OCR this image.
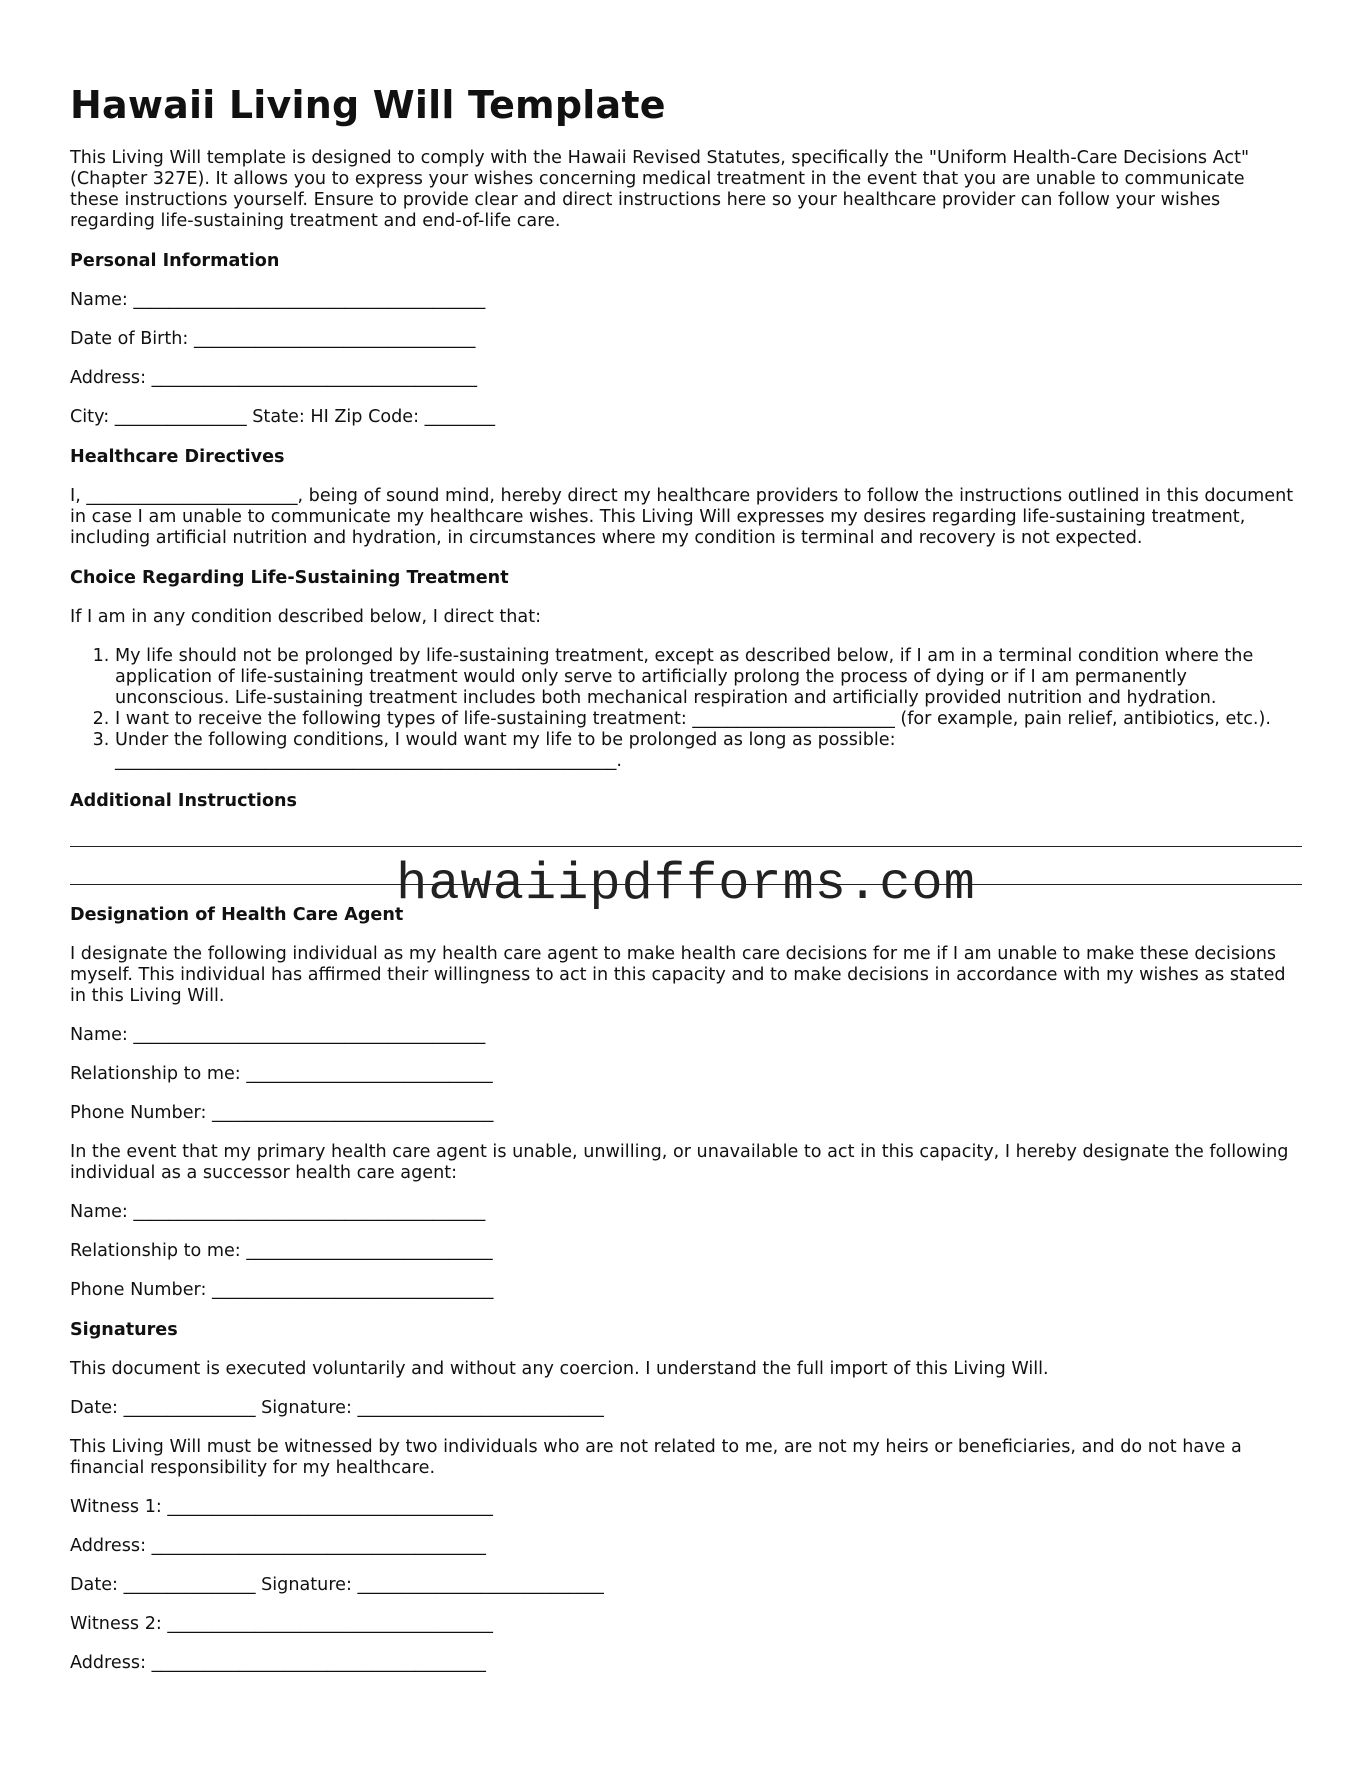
Hawaii Living Will Template

This Living Will template is designed to comply with the Hawaii Revised Statutes, specifically the "Uniform Health-Care Decisions Act" (Chapter 327E). It allows you to express your wishes concerning medical treatment in the event that you are unable to communicate these instructions yourself. Ensure to provide clear and direct instructions here so your healthcare provider can follow your wishes regarding life-sustaining treatment and end-of-life care.

Personal Information

Name: ________________________________________

Date of Birth: ________________________________

Address: _____________________________________

City: _______________ State: HI Zip Code: ________

Healthcare Directives

I, ________________________, being of sound mind, hereby direct my healthcare providers to follow the instructions outlined in this document in case I am unable to communicate my healthcare wishes. This Living Will expresses my desires regarding life-sustaining treatment, including artificial nutrition and hydration, in circumstances where my condition is terminal and recovery is not expected.

Choice Regarding Life-Sustaining Treatment

If I am in any condition described below, I direct that:

1. My life should not be prolonged by life-sustaining treatment, except as described below, if I am in a terminal condition where the application of life-sustaining treatment would only serve to artificially prolong the process of dying or if I am permanently unconscious. Life-sustaining treatment includes both mechanical respiration and artificially provided nutrition and hydration.
2. I want to receive the following types of life-sustaining treatment: _______________________ (for example, pain relief, antibiotics, etc.).
3. Under the following conditions, I would want my life to be prolonged as long as possible: _________________________________________________________.

Additional Instructions

Designation of Health Care Agent

I designate the following individual as my health care agent to make health care decisions for me if I am unable to make these decisions myself. This individual has affirmed their willingness to act in this capacity and to make decisions in accordance with my wishes as stated in this Living Will.

Name: ________________________________________

Relationship to me: ____________________________

Phone Number: ________________________________

In the event that my primary health care agent is unable, unwilling, or unavailable to act in this capacity, I hereby designate the following individual as a successor health care agent:

Name: ________________________________________

Relationship to me: ____________________________

Phone Number: ________________________________

Signatures

This document is executed voluntarily and without any coercion. I understand the full import of this Living Will.

Date: _______________ Signature: ____________________________

This Living Will must be witnessed by two individuals who are not related to me, are not my heirs or beneficiaries, and do not have a financial responsibility for my healthcare.

Witness 1: _____________________________________

Address: ______________________________________

Date: _______________ Signature: ____________________________

Witness 2: _____________________________________

Address: ______________________________________

hawaiipdfforms.com
